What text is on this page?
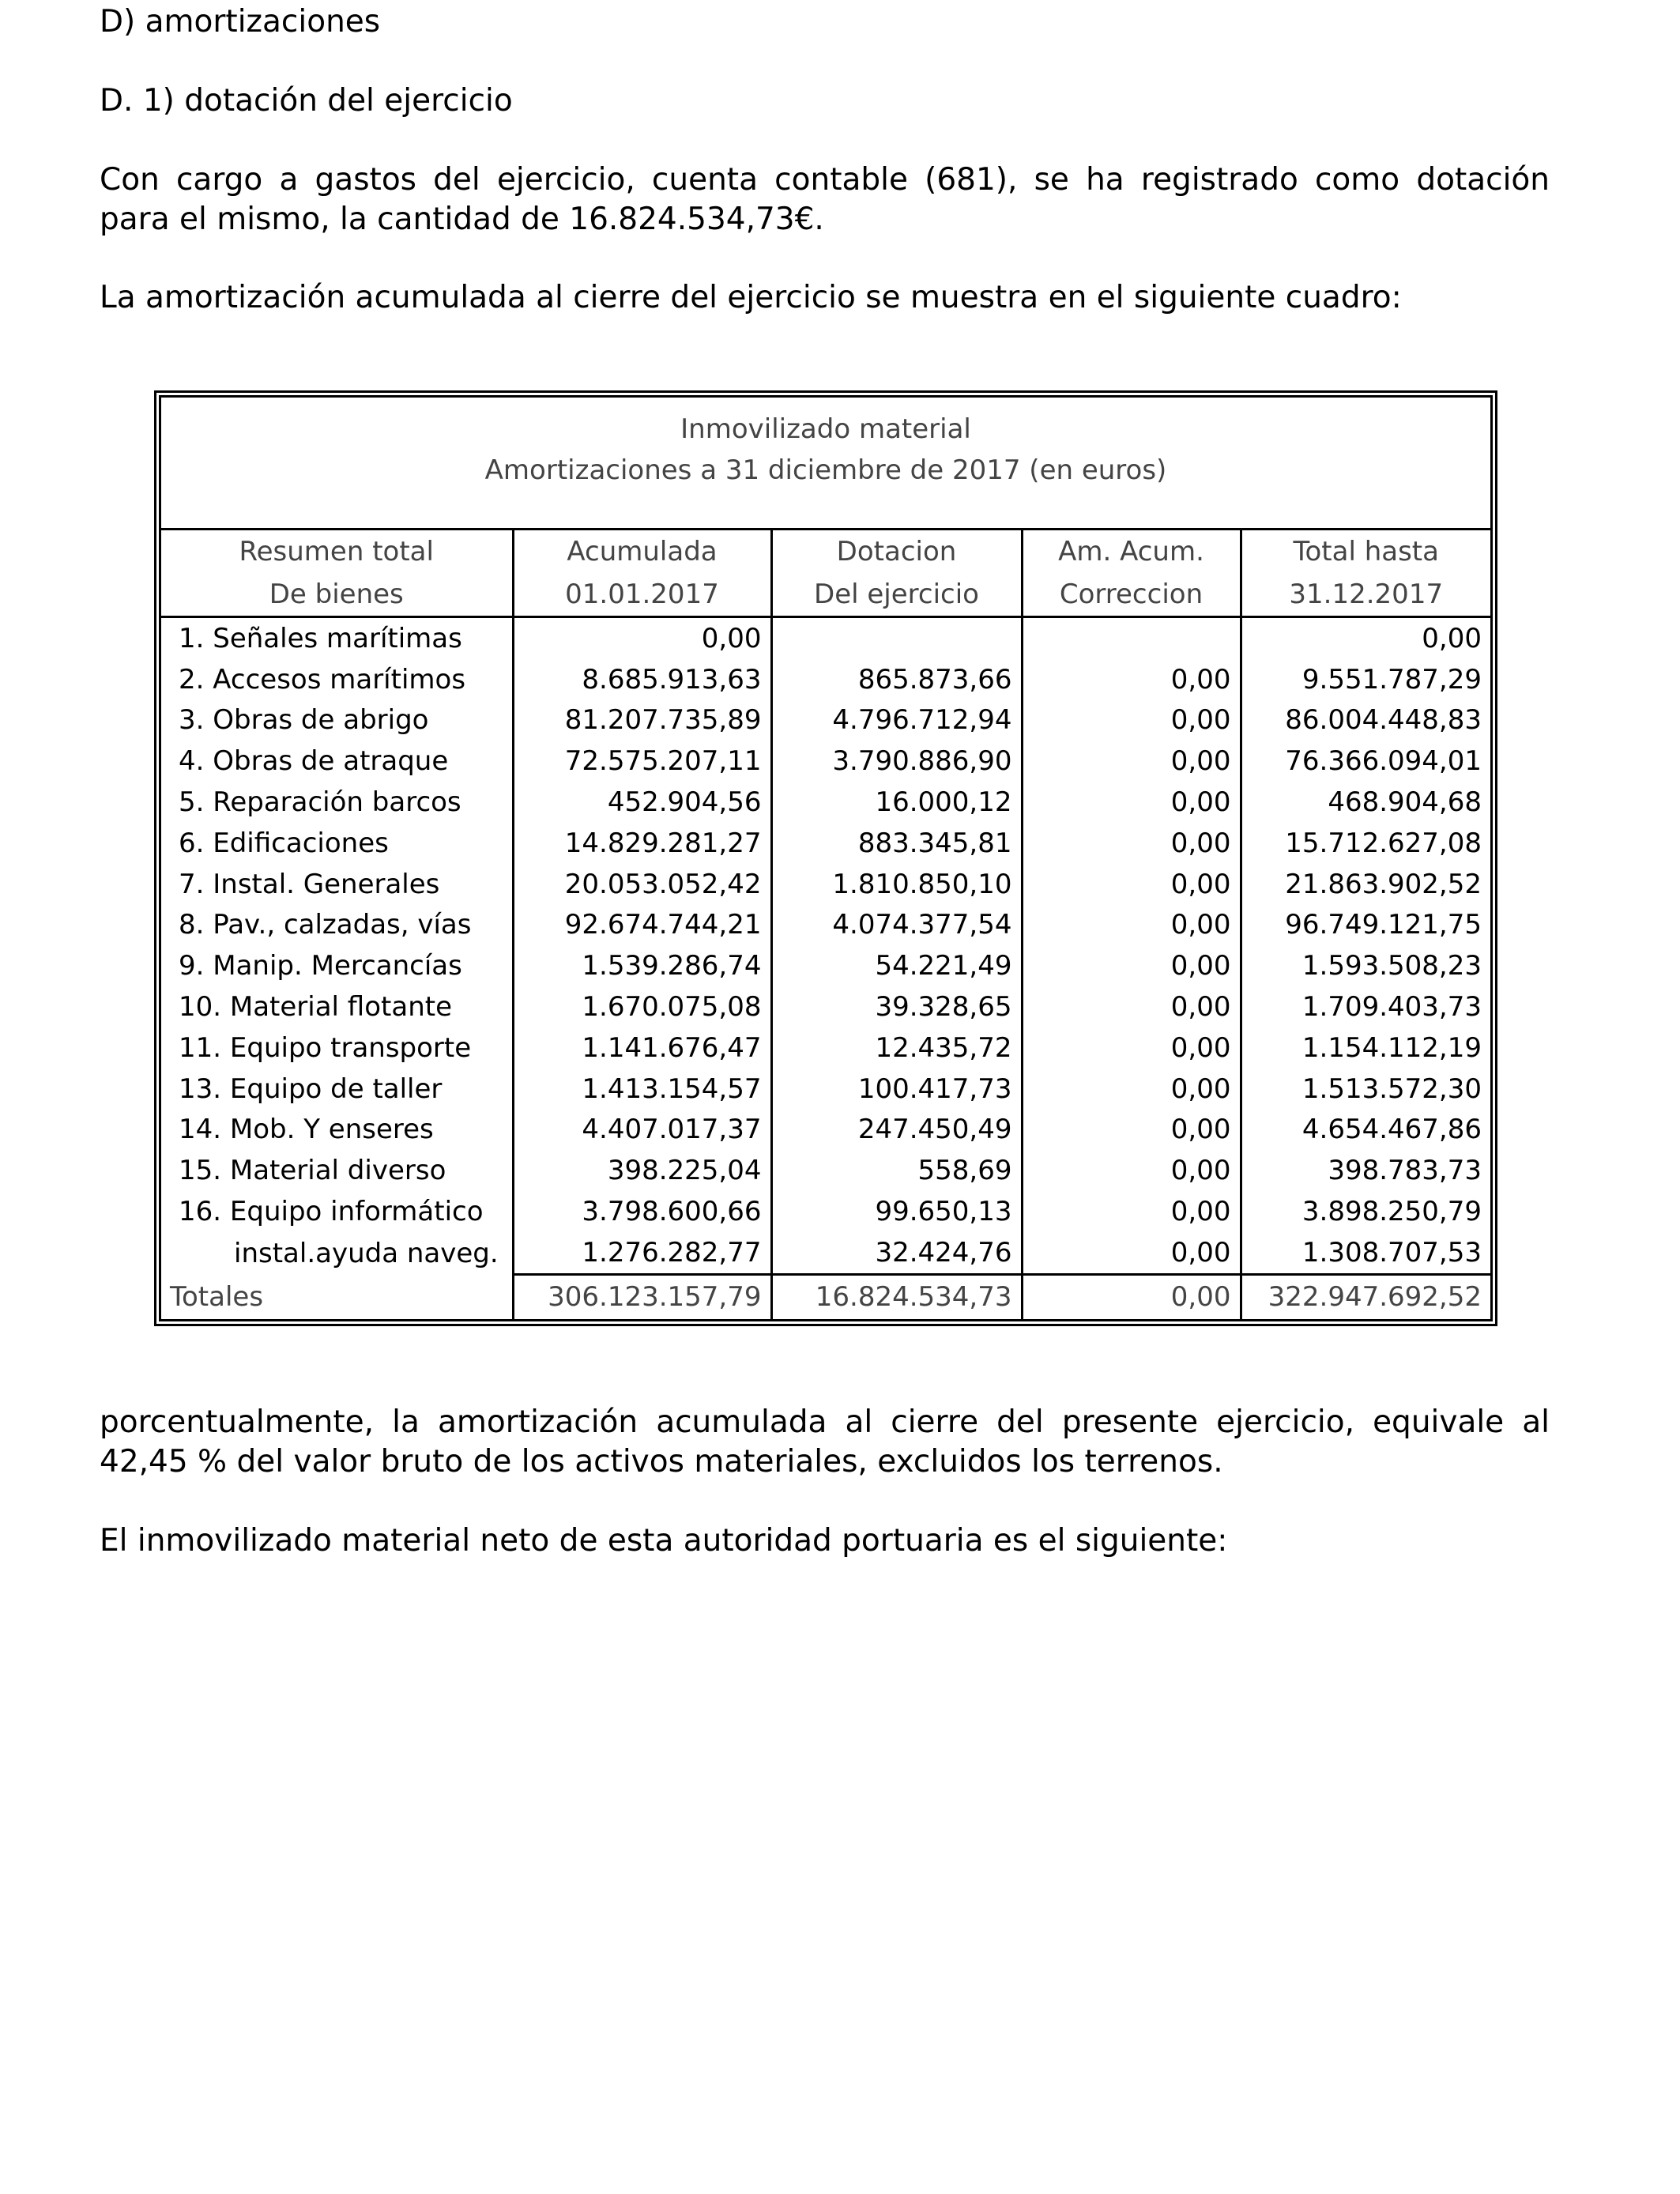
D) amortizaciones

D. 1) dotación del ejercicio

Con cargo a gastos del ejercicio, cuenta contable (681), se ha registrado como dotación
para el mismo, la cantidad de 16.824.534,73€.

La amortización acumulada al cierre del ejercicio se muestra en el siguiente cuadro:

Inmovilizado material
Amortizaciones a 31 diciembre de 2017 (en euros)
Resumen total	Acumulada	Dotacion	Am. Acum.	Total hasta
De bienes	01.01.2017	Del ejercicio	Correccion	31.12.2017
1. Señales marítimas	0,00			0,00
2. Accesos marítimos	8.685.913,63	865.873,66	0,00	9.551.787,29
3. Obras de abrigo	81.207.735,89	4.796.712,94	0,00	86.004.448,83
4. Obras de atraque	72.575.207,11	3.790.886,90	0,00	76.366.094,01
5. Reparación barcos	452.904,56	16.000,12	0,00	468.904,68
6. Edificaciones	14.829.281,27	883.345,81	0,00	15.712.627,08
7. Instal. Generales	20.053.052,42	1.810.850,10	0,00	21.863.902,52
8. Pav., calzadas, vías	92.674.744,21	4.074.377,54	0,00	96.749.121,75
9. Manip. Mercancías	1.539.286,74	54.221,49	0,00	1.593.508,23
10. Material flotante	1.670.075,08	39.328,65	0,00	1.709.403,73
11. Equipo transporte	1.141.676,47	12.435,72	0,00	1.154.112,19
13. Equipo de taller	1.413.154,57	100.417,73	0,00	1.513.572,30
14. Mob. Y enseres	4.407.017,37	247.450,49	0,00	4.654.467,86
15. Material diverso	398.225,04	558,69	0,00	398.783,73
16. Equipo informático	3.798.600,66	99.650,13	0,00	3.898.250,79
instal.ayuda naveg.	1.276.282,77	32.424,76	0,00	1.308.707,53
Totales	306.123.157,79	16.824.534,73	0,00	322.947.692,52
porcentualmente, la amortización acumulada al cierre del presente ejercicio, equivale al
42,45 % del valor bruto de los activos materiales, excluidos los terrenos.

El inmovilizado material neto de esta autoridad portuaria es el siguiente:
